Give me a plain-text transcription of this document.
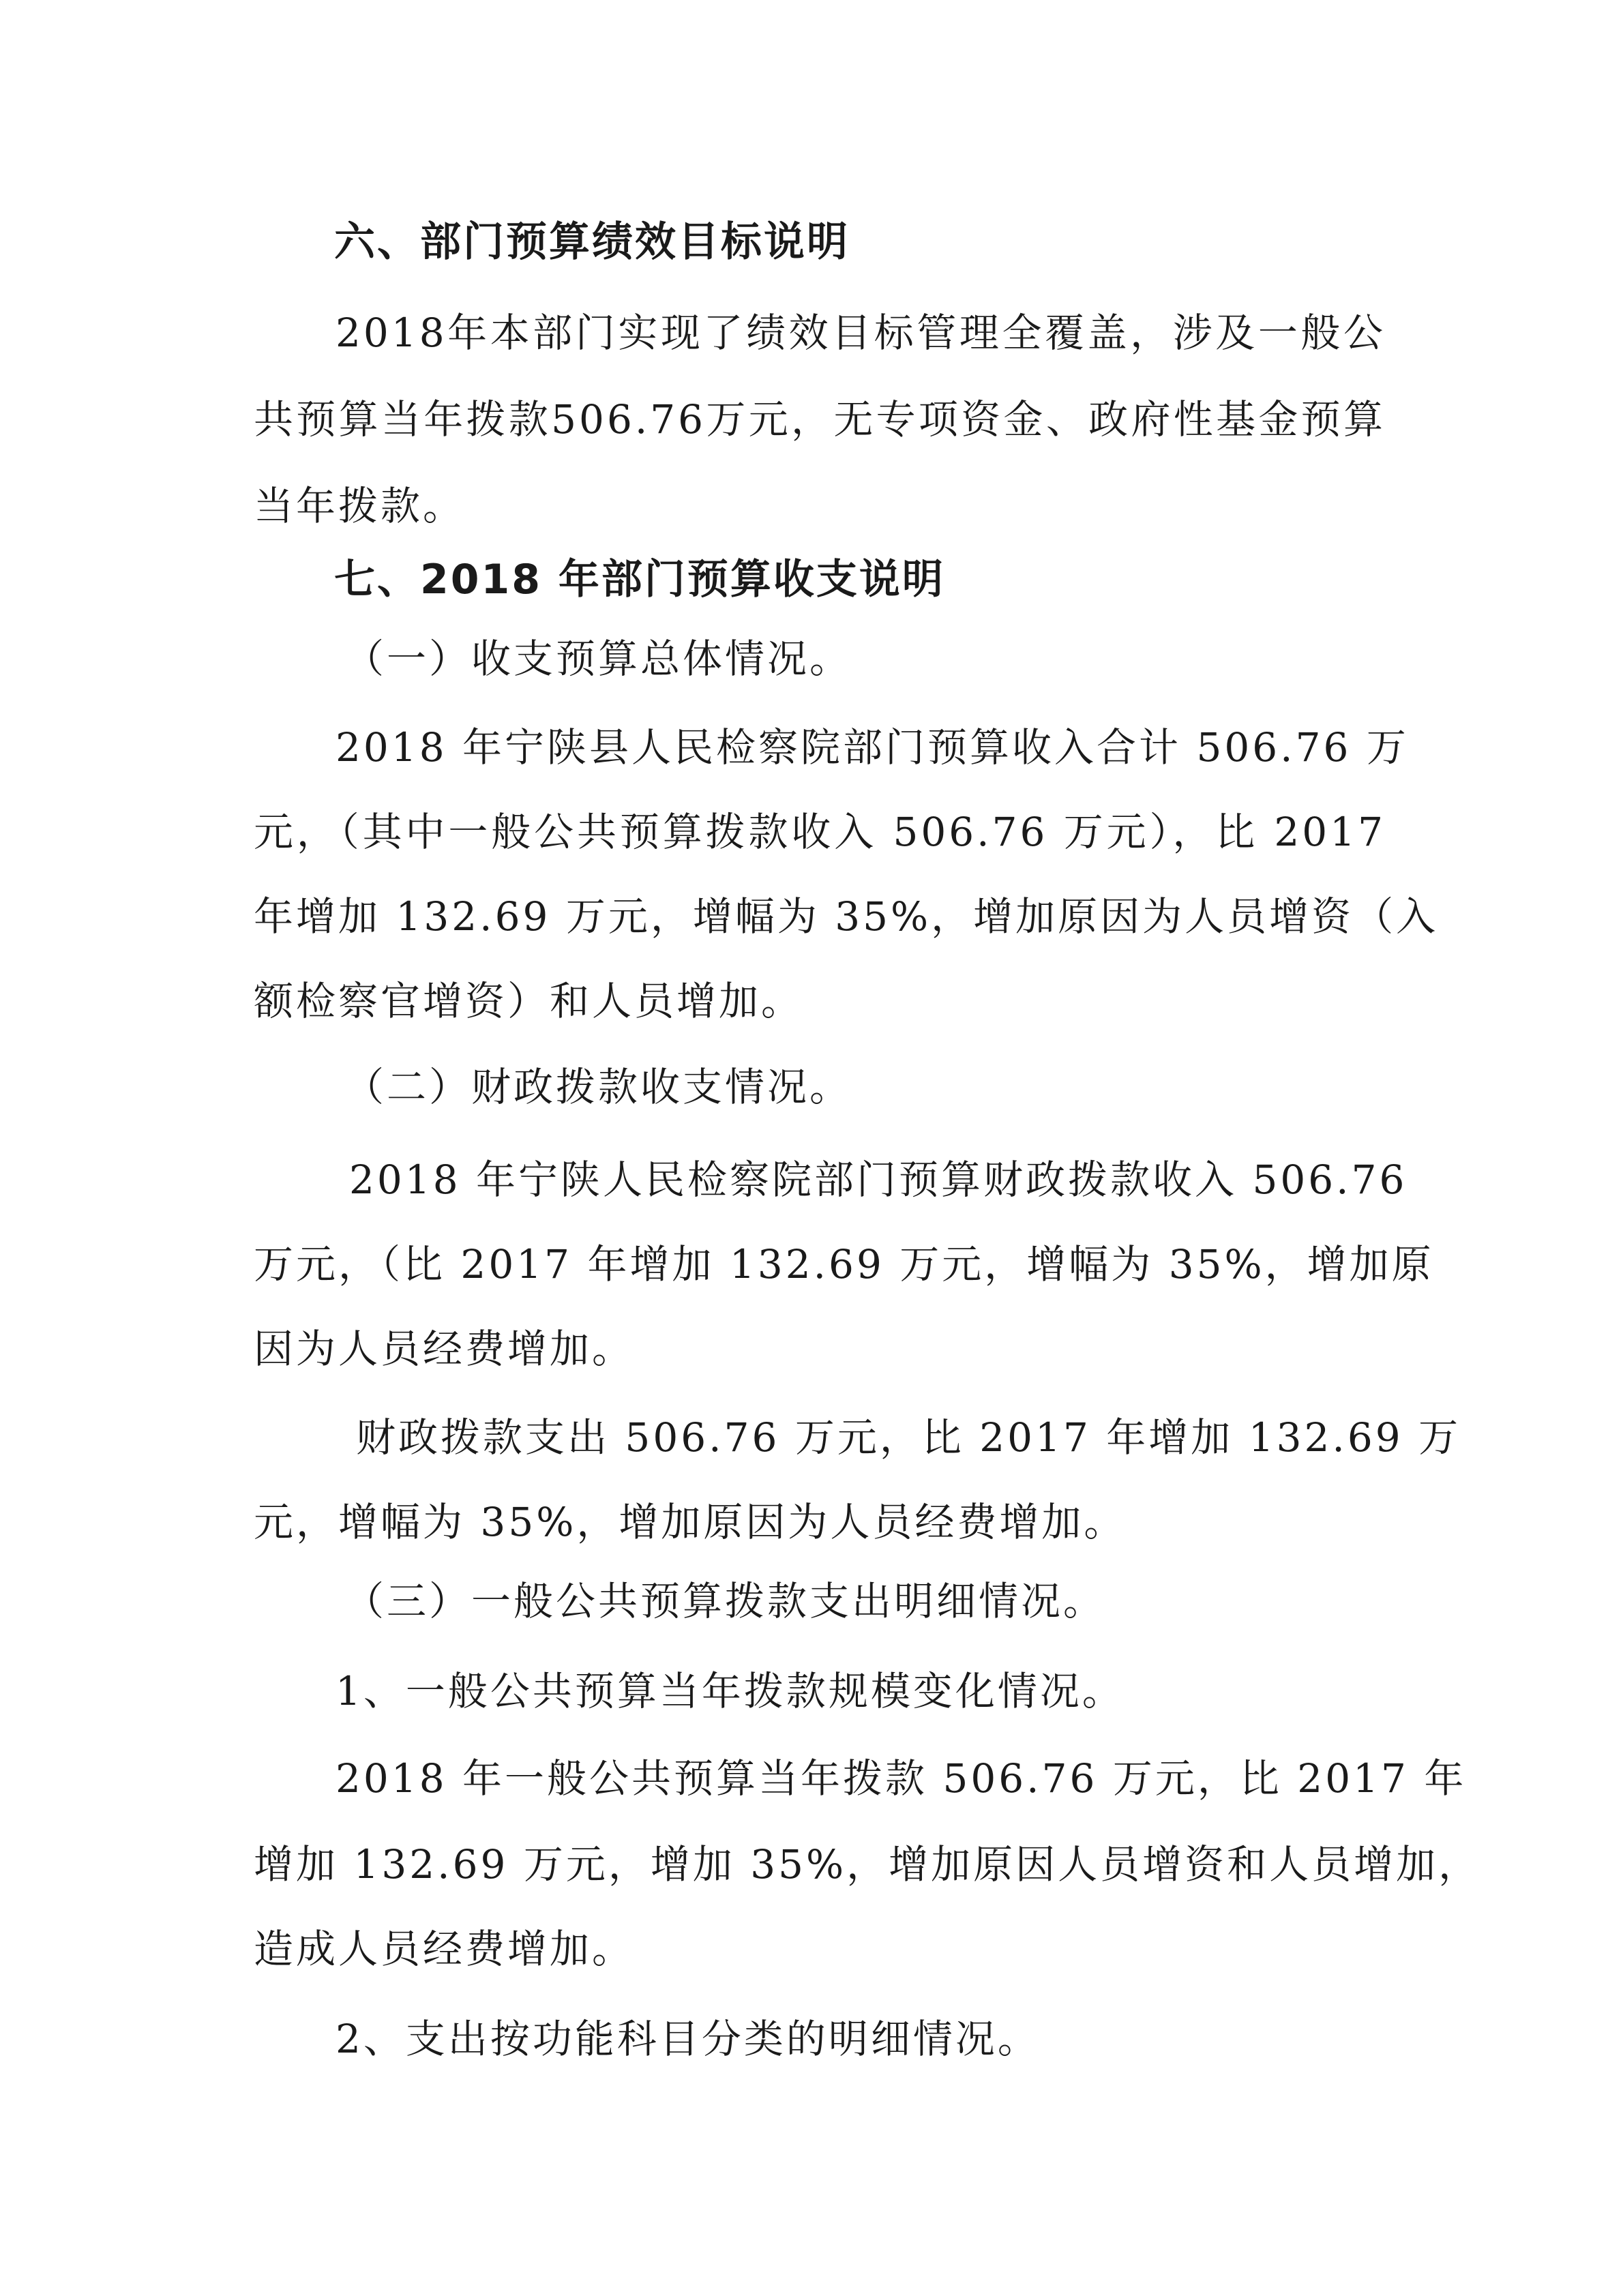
六、部门预算绩效目标说明
2018年本部门实现了绩效目标管理全覆盖，涉及一般公
共预算当年拨款506.76万元，无专项资金、政府性基金预算
当年拨款。
七、2018 年部门预算收支说明
（一）收支预算总体情况。
2018 年宁陕县人民检察院部门预算收入合计 506.76 万
元，（其中一般公共预算拨款收入 506.76 万元），比 2017
年增加 132.69 万元，增幅为 35%，增加原因为人员增资（入
额检察官增资）和人员增加。
（二）财政拨款收支情况。
2018 年宁陕人民检察院部门预算财政拨款收入 506.76
万元，（比 2017 年增加 132.69 万元，增幅为 35%，增加原
因为人员经费增加。
财政拨款支出 506.76 万元，比 2017 年增加 132.69 万
元，增幅为 35%，增加原因为人员经费增加。
（三）一般公共预算拨款支出明细情况。
1、一般公共预算当年拨款规模变化情况。
2018 年一般公共预算当年拨款 506.76 万元，比 2017 年
增加 132.69 万元，增加 35%，增加原因人员增资和人员增加，
造成人员经费增加。
2、支出按功能科目分类的明细情况。
